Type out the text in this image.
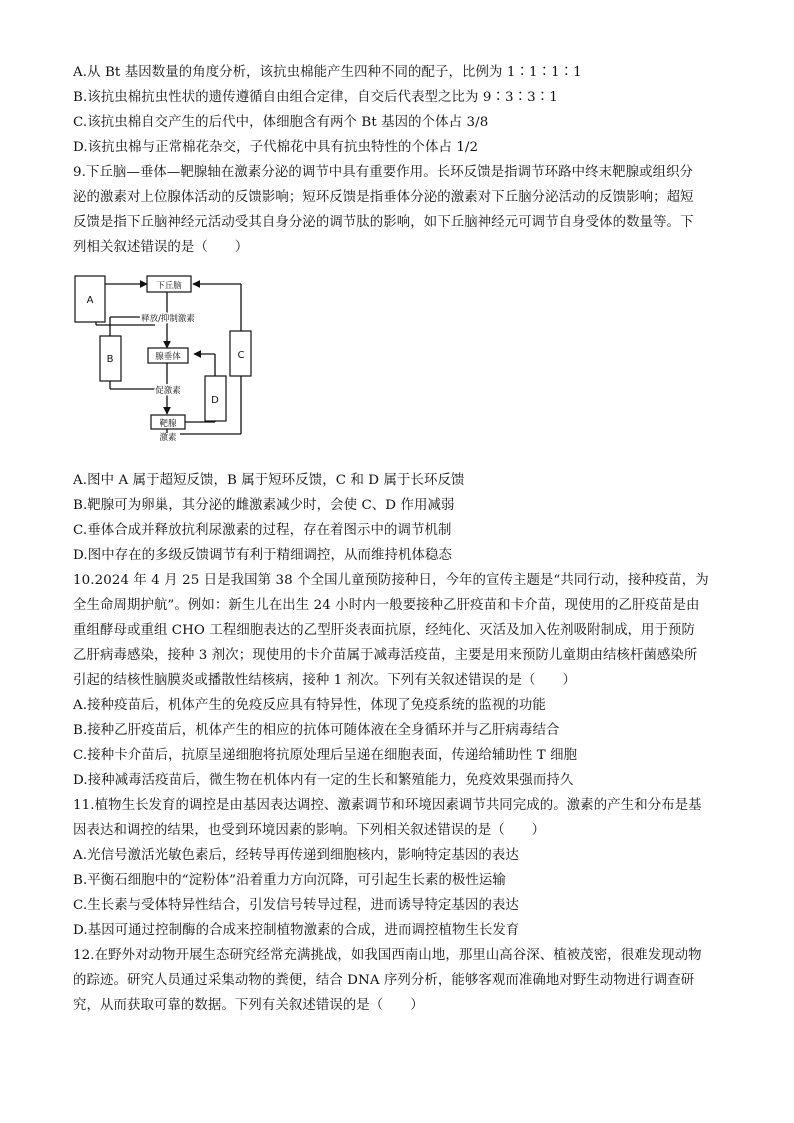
A.从 Bt 基因数量的角度分析，该抗虫棉能产生四种不同的配子，比例为 1∶1∶1∶1
B.该抗虫棉抗虫性状的遗传遵循自由组合定律，自交后代表型之比为 9∶3∶3∶1
C.该抗虫棉自交产生的后代中，体细胞含有两个 Bt 基因的个体占 3/8
D.该抗虫棉与正常棉花杂交，子代棉花中具有抗虫特性的个体占 1/2
9.下丘脑—垂体—靶腺轴在激素分泌的调节中具有重要作用。长环反馈是指调节环路中终末靶腺或组织分
泌的激素对上位腺体活动的反馈影响；短环反馈是指垂体分泌的激素对下丘脑分泌活动的反馈影响；超短
反馈是指下丘脑神经元活动受其自身分泌的调节肽的影响，如下丘脑神经元可调节自身受体的数量等。下
列相关叙述错误的是（　　）
A
下丘脑
释放/抑制激素
B	腺垂体	C
促激素
D
靶腺
激素
A.图中 A 属于超短反馈，B 属于短环反馈，C 和 D 属于长环反馈
B.靶腺可为卵巢，其分泌的雌激素减少时，会使 C、D 作用减弱
C.垂体合成并释放抗利尿激素的过程，存在着图示中的调节机制
D.图中存在的多级反馈调节有利于精细调控，从而维持机体稳态
10.2024 年 4 月 25 日是我国第 38 个全国儿童预防接种日，今年的宣传主题是“共同行动，接种疫苗，为
全生命周期护航”。例如：新生儿在出生 24 小时内一般要接种乙肝疫苗和卡介苗，现使用的乙肝疫苗是由
重组酵母或重组 CHO 工程细胞表达的乙型肝炎表面抗原，经纯化、灭活及加入佐剂吸附制成，用于预防
乙肝病毒感染，接种 3 剂次；现使用的卡介苗属于减毒活疫苗，主要是用来预防儿童期由结核杆菌感染所
引起的结核性脑膜炎或播散性结核病，接种 1 剂次。下列有关叙述错误的是（　　）
A.接种疫苗后，机体产生的免疫反应具有特异性，体现了免疫系统的监视的功能
B.接种乙肝疫苗后，机体产生的相应的抗体可随体液在全身循环并与乙肝病毒结合
C.接种卡介苗后，抗原呈递细胞将抗原处理后呈递在细胞表面，传递给辅助性 T 细胞
D.接种减毒活疫苗后，微生物在机体内有一定的生长和繁殖能力，免疫效果强而持久
11.植物生长发育的调控是由基因表达调控、激素调节和环境因素调节共同完成的。激素的产生和分布是基
因表达和调控的结果，也受到环境因素的影响。下列相关叙述错误的是（　　）
A.光信号激活光敏色素后，经转导再传递到细胞核内，影响特定基因的表达
B.平衡石细胞中的“淀粉体”沿着重力方向沉降，可引起生长素的极性运输
C.生长素与受体特异性结合，引发信号转导过程，进而诱导特定基因的表达
D.基因可通过控制酶的合成来控制植物激素的合成，进而调控植物生长发育
12.在野外对动物开展生态研究经常充满挑战，如我国西南山地，那里山高谷深、植被茂密，很难发现动物
的踪迹。研究人员通过采集动物的粪便，结合 DNA 序列分析，能够客观而准确地对野生动物进行调查研
究，从而获取可靠的数据。下列有关叙述错误的是（　　）
